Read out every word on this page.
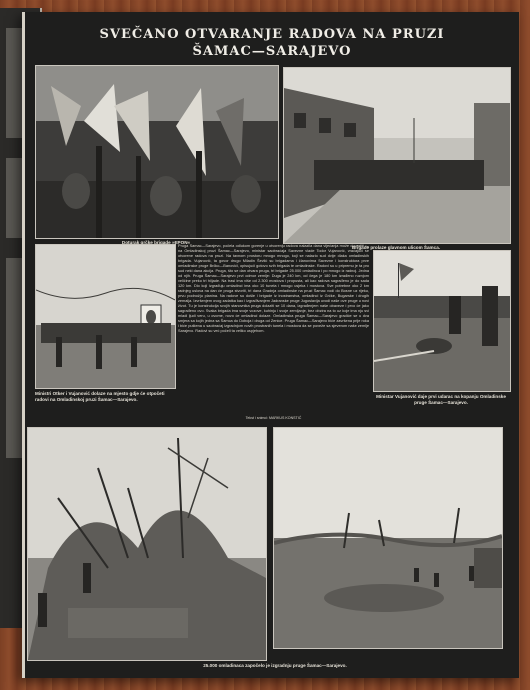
SVEČANO OTVARANJE RADOVA NA PRUZI
ŠAMAC—SARAJEVO
Doturak grčke brigade »EPON«
Brigade prolaze glavnom ulicom Šamca.
Ministri Otker i Vujanović dolaze na mjesto gdje će otpočeti radovi na Omladinskoj pruzi Šamac—Sarajevo.
Pruga Samac—Sarajevo, počela odlukom gorenje u otvorenju radova nalazila dana vijećanja može dovratiti — na Omladinskoj pruzi Šamac—Sarajevo, ministar saobraćaja Savezne vlade Todor Vujanović, vraćajući se otvorene radova na pruzi. Na tavnom prostoru mnogo mnogo, koji se nalazio sud dvije dlaka omladinskih brigada. Vujanović, ta govor drugo Miladin Ševlić su brigadama i članovima Savezne i konstruktora prve omladinske pruge Brčko—Banovići, opisujući gotovo svih brigada te omladinske. Radovi su u pripremu je ta pro sud neki dana akcija. Pruga, što se dan otvara pruga, tri brigade 25.000 omladinca i po mnogo iz radnoj. Jedna od njih. Pruga Šamac—Sarajevo prvi odmor zemlje: Duga je 240 km, od čega je 180 km izrađeno ruznjom veličine preko tri hiljade. Na trasi ima više od 2.300 mostova i propusta, ali kao radova sagrađeno je do sada 120 km. Dio koji izgrađuju omladinci ima oko 10 tunela i mnogo usjeka i mostova. Sve potrebne oko 2 km radnjeg uslova na dan će pruga stvoriti, tri dana Gradnja omladinske na pruzi Šamac vodi do Bosne uz rijeku, prvu podnožju planina. Na radove su došle i brigade iz inostranstva, omladinci iz Grčke, Bugarske i drugih zemalja. Izvršenjem ovog zadatka kao i izgrađivanjem Jadranske pruge Jugoslavija uvodi naše ove pruge u novi život. Tu je konstrukcija svojih stanovnika pruga dolaziti se 10 dana, izgrađenjem naše obaveze i prvo će jako sagrađeno ovo. Svaka brigada ima svoje vozove, kuhinju i svoje zemljanje, bez obzira na to uz koje ima nju svi mladi ljudi veru, u ovome, novo će omladinci dolaze. Omladinska pruga Šamac—Sarajevo gradiće se u dva smjera sa kojih jedna sa Šamca do Doboja i druga od Zenice. Pruga Šamac—Sarajevo biće završena prije roka i biće puštena u saobraćaj izgradnjom novih prostranih tunela i mostova da se poveže sa sjeverom naše zemlje Sarajevo. Radovi su već počeli ta veliko uspjehom.
Tekst i snimci: MARKUS KONSTIĆ
Ministar Vujanović daje prvi udarac na kopanju Omladinske pruge Šamac—Sarajevo.
25.000 omladinaca započelo je izgradnju pruge Šamac—Sarajevo.
